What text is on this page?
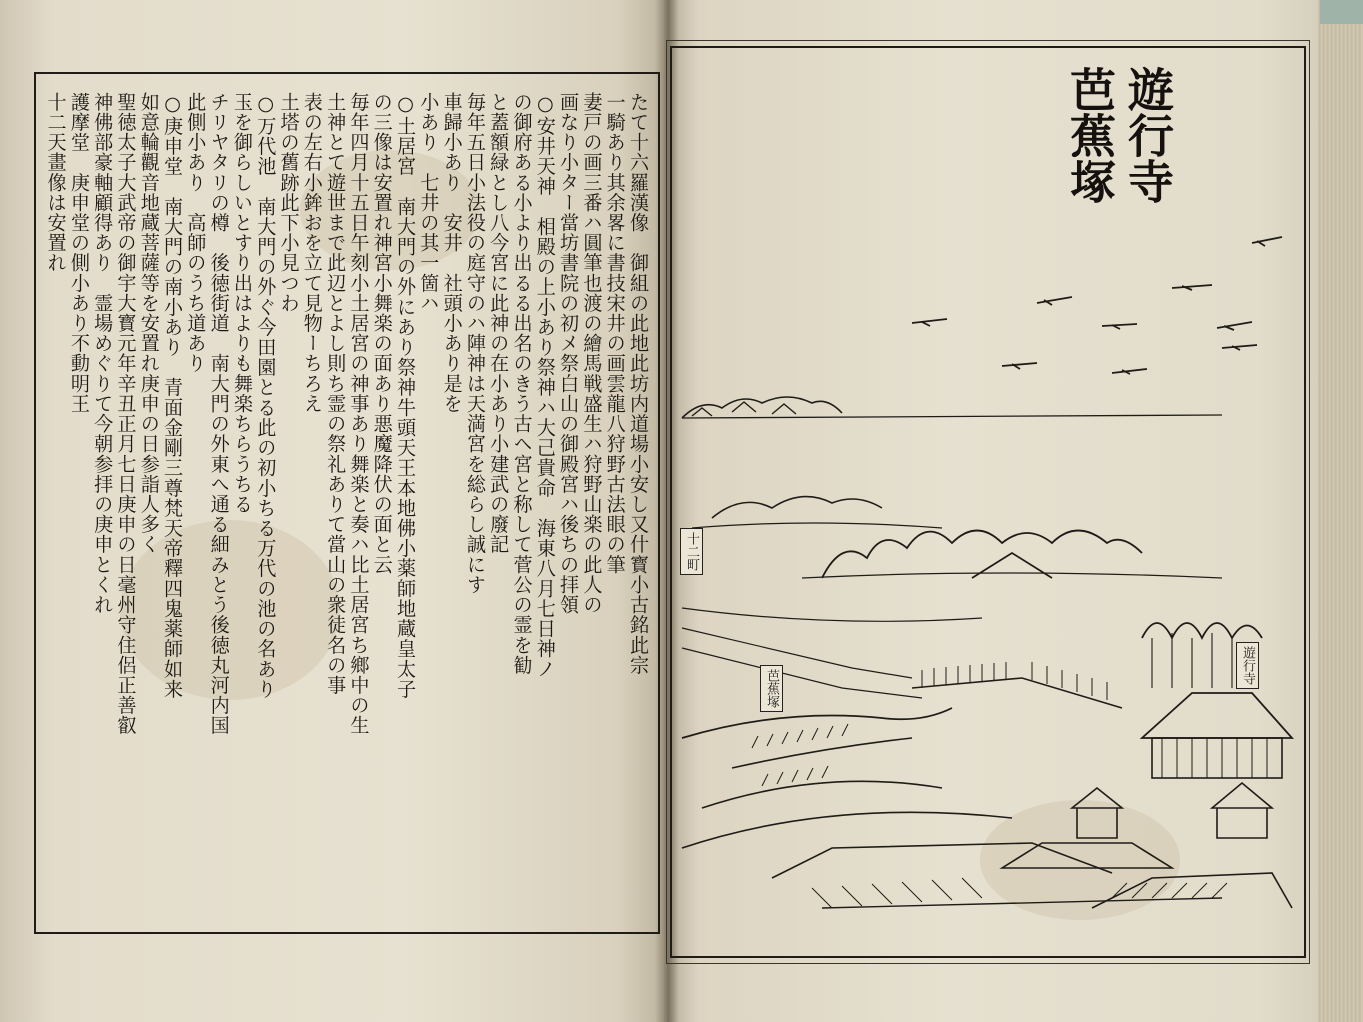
たて十六羅漢像　御組の此地此坊内道場小安し又什寳小古銘此宗
一騎あり其余畧に書技宋井の画雲龍八狩野古法眼の筆
妻戸の画三番ハ圓筆也渡の繪馬戦盛生ハ狩野山楽の此人の
画なり小ター當坊書院の初メ祭白山の御殿宮ハ後ちの拝領
○安井天神　相殿の上小あり祭神ハ大己貴命　海東八月七日神ノ
の御府ある小より出るる出名のきう古ヘ宮と称して菅公の霊を勧
と蓋額緑とし八今宮に此神の在小あり小建武の廢記
毎年五日小法役の庭守のハ陣神は天満宮を総らし誠にす
車歸小あり　安井　社頭小あり是を
小あり　七井の其一箇ハ
○土居宮　南大門の外にあり祭神牛頭天王本地佛小薬師地蔵皇太子
の三像は安置れ神宮小舞楽の面あり悪魔降伏の面と云
毎年四月十五日午刻小土居宮の神事あり舞楽と奏ハ比土居宮ち鄉中の生
土神とて遊世まで此辺とよし則ち霊の祭礼ありて當山の衆徒名の事
表の左右小鉾おを立て見物ーちろえ
土塔の舊跡此下小見つわ
○万代池　南大門の外ぐ今田園とる此の初小ちる万代の池の名あり
玉を御らしいとすり出はよりも舞楽ちらうちる
チリヤタリの樽　後徳街道　南大門の外東へ通る細みとう後徳丸河内国
此側小あり　高師のうち道あり
○庚申堂　南大門の南小あり　青面金剛三尊梵天帝釋四鬼薬師如来
如意輪觀音地蔵菩薩等を安置れ庚申の日参詣人多く
聖徳太子大武帝の御宇大寳元年辛丑正月七日庚申の日毫州守住侶正善叡
神佛部豪軸顧得あり　霊場めぐりて今朝参拝の庚申とくれ
護摩堂　庚申堂の側小あり不動明王
十二天畫像は安置れ	遊行寺
芭蕉塚
遊行寺
芭蕉塚
十二町
